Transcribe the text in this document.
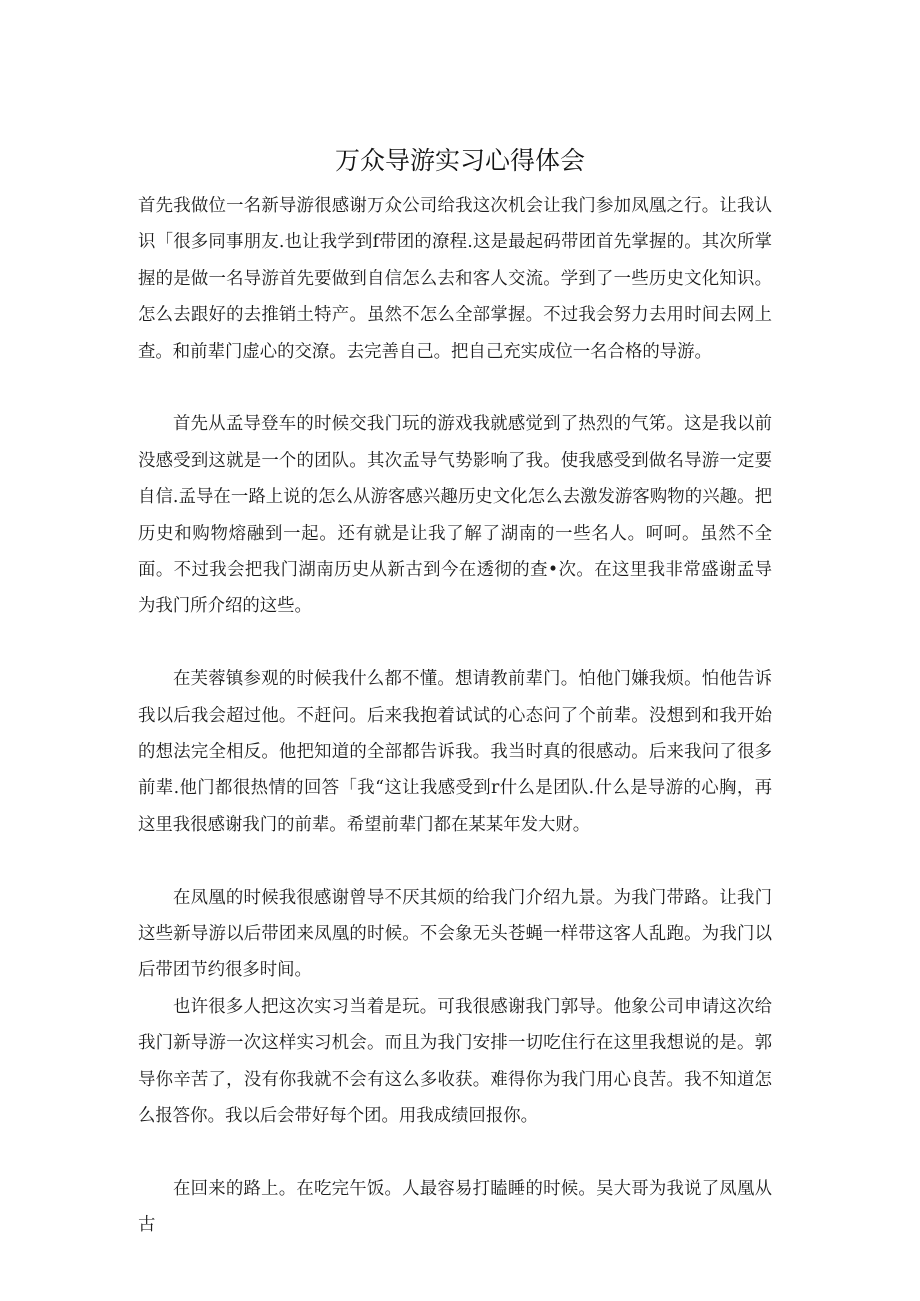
万众导游实习心得体会

首先我做位一名新导游很感谢万众公司给我这次机会让我门参加凤凰之行。让我认识「很多同事朋友.也让我学到f带团的潦程.这是最起码带团首先掌握的。其次所掌握的是做一名导游首先要做到自信怎么去和客人交流。学到了一些历史文化知识。怎么去跟好的去推销土特产。虽然不怎么全部掌握。不过我会努力去用时间去网上查。和前辈门虚心的交潦。去完善自己。把自己充实成位一名合格的导游。

首先从孟导登车的时候交我门玩的游戏我就感觉到了热烈的气笫。这是我以前没感受到这就是一个的团队。其次孟导气势影响了我。使我感受到做名导游一定要自信.孟导在一路上说的怎么从游客感兴趣历史文化怎么去激发游客购物的兴趣。把历史和购物熔融到一起。还有就是让我了解了湖南的一些名人。呵呵。虽然不全面。不过我会把我门湖南历史从新古到今在透彻的查•次。在这里我非常盛谢孟导为我门所介绍的这些。

在芙蓉镇参观的时候我什么都不懂。想请教前辈门。怕他门嫌我烦。怕他告诉我以后我会超过他。不赶问。后来我抱着试试的心态问了个前辈。没想到和我开始的想法完全相反。他把知道的全部都告诉我。我当时真的很感动。后来我问了很多前辈.他门都很热情的回答「我“这让我感受到r什么是团队.什么是导游的心胸，再这里我很感谢我门的前辈。希望前辈门都在某某年发大财。

在凤凰的时候我很感谢曾导不厌其烦的给我门介绍九景。为我门带路。让我门这些新导游以后带团来凤凰的时候。不会象无头苍蝇一样带这客人乱跑。为我门以后带团节约很多时间。

也许很多人把这次实习当着是玩。可我很感谢我门郭导。他象公司申请这次给我门新导游一次这样实习机会。而且为我门安排一切吃住行在这里我想说的是。郭导你辛苦了，没有你我就不会有这么多收获。难得你为我门用心良苦。我不知道怎么报答你。我以后会带好每个团。用我成绩回报你。

在回来的路上。在吃完午饭。人最容易打瞌睡的时候。吴大哥为我说了凤凰从古
